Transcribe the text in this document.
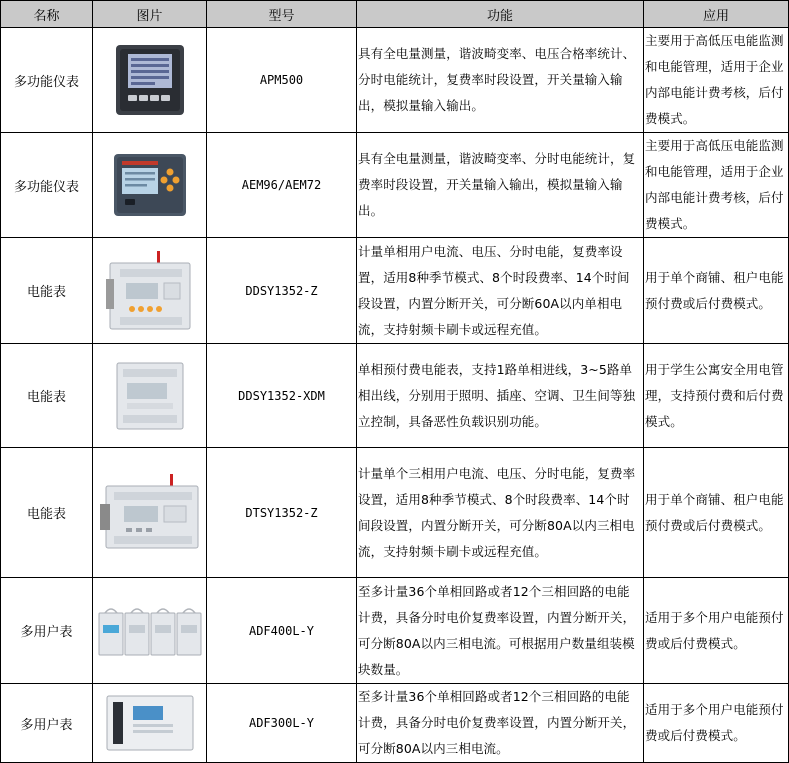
名称	图片	型号	功能	应用
多功能仪表		APM500	具有全电量测量，谐波畸变率、电压合格率统计、分时电能统计，复费率时段设置，开关量输入输出，模拟量输入输出。	主要用于高低压电能监测和电能管理，适用于企业内部电能计费考核，后付费模式。
多功能仪表		AEM96/AEM72	具有全电量测量，谐波畸变率、分时电能统计，复费率时段设置，开关量输入输出，模拟量输入输出。	主要用于高低压电能监测和电能管理，适用于企业内部电能计费考核，后付费模式。
电能表		DDSY1352-Z	计量单相用户电流、电压、分时电能，复费率设置，适用8种季节模式、8个时段费率、14个时间段设置，内置分断开关，可分断60A以内单相电流，支持射频卡刷卡或远程充值。	用于单个商铺、租户电能预付费或后付费模式。
电能表		DDSY1352-XDM	单相预付费电能表，支持1路单相进线，3~5路单相出线，分别用于照明、插座、空调、卫生间等独立控制，具备恶性负载识别功能。	用于学生公寓安全用电管理，支持预付费和后付费模式。
电能表		DTSY1352-Z	计量单个三相用户电流、电压、分时电能，复费率设置，适用8种季节模式、8个时段费率、14个时间段设置，内置分断开关，可分断80A以内三相电流，支持射频卡刷卡或远程充值。	用于单个商铺、租户电能预付费或后付费模式。
多用户表		ADF400L-Y	至多计量36个单相回路或者12个三相回路的电能计费，具备分时电价复费率设置，内置分断开关，可分断80A以内三相电流。可根据用户数量组装模块数量。	适用于多个用户电能预付费或后付费模式。
多用户表		ADF300L-Y	至多计量36个单相回路或者12个三相回路的电能计费，具备分时电价复费率设置，内置分断开关，可分断80A以内三相电流。	适用于多个用户电能预付费或后付费模式。
